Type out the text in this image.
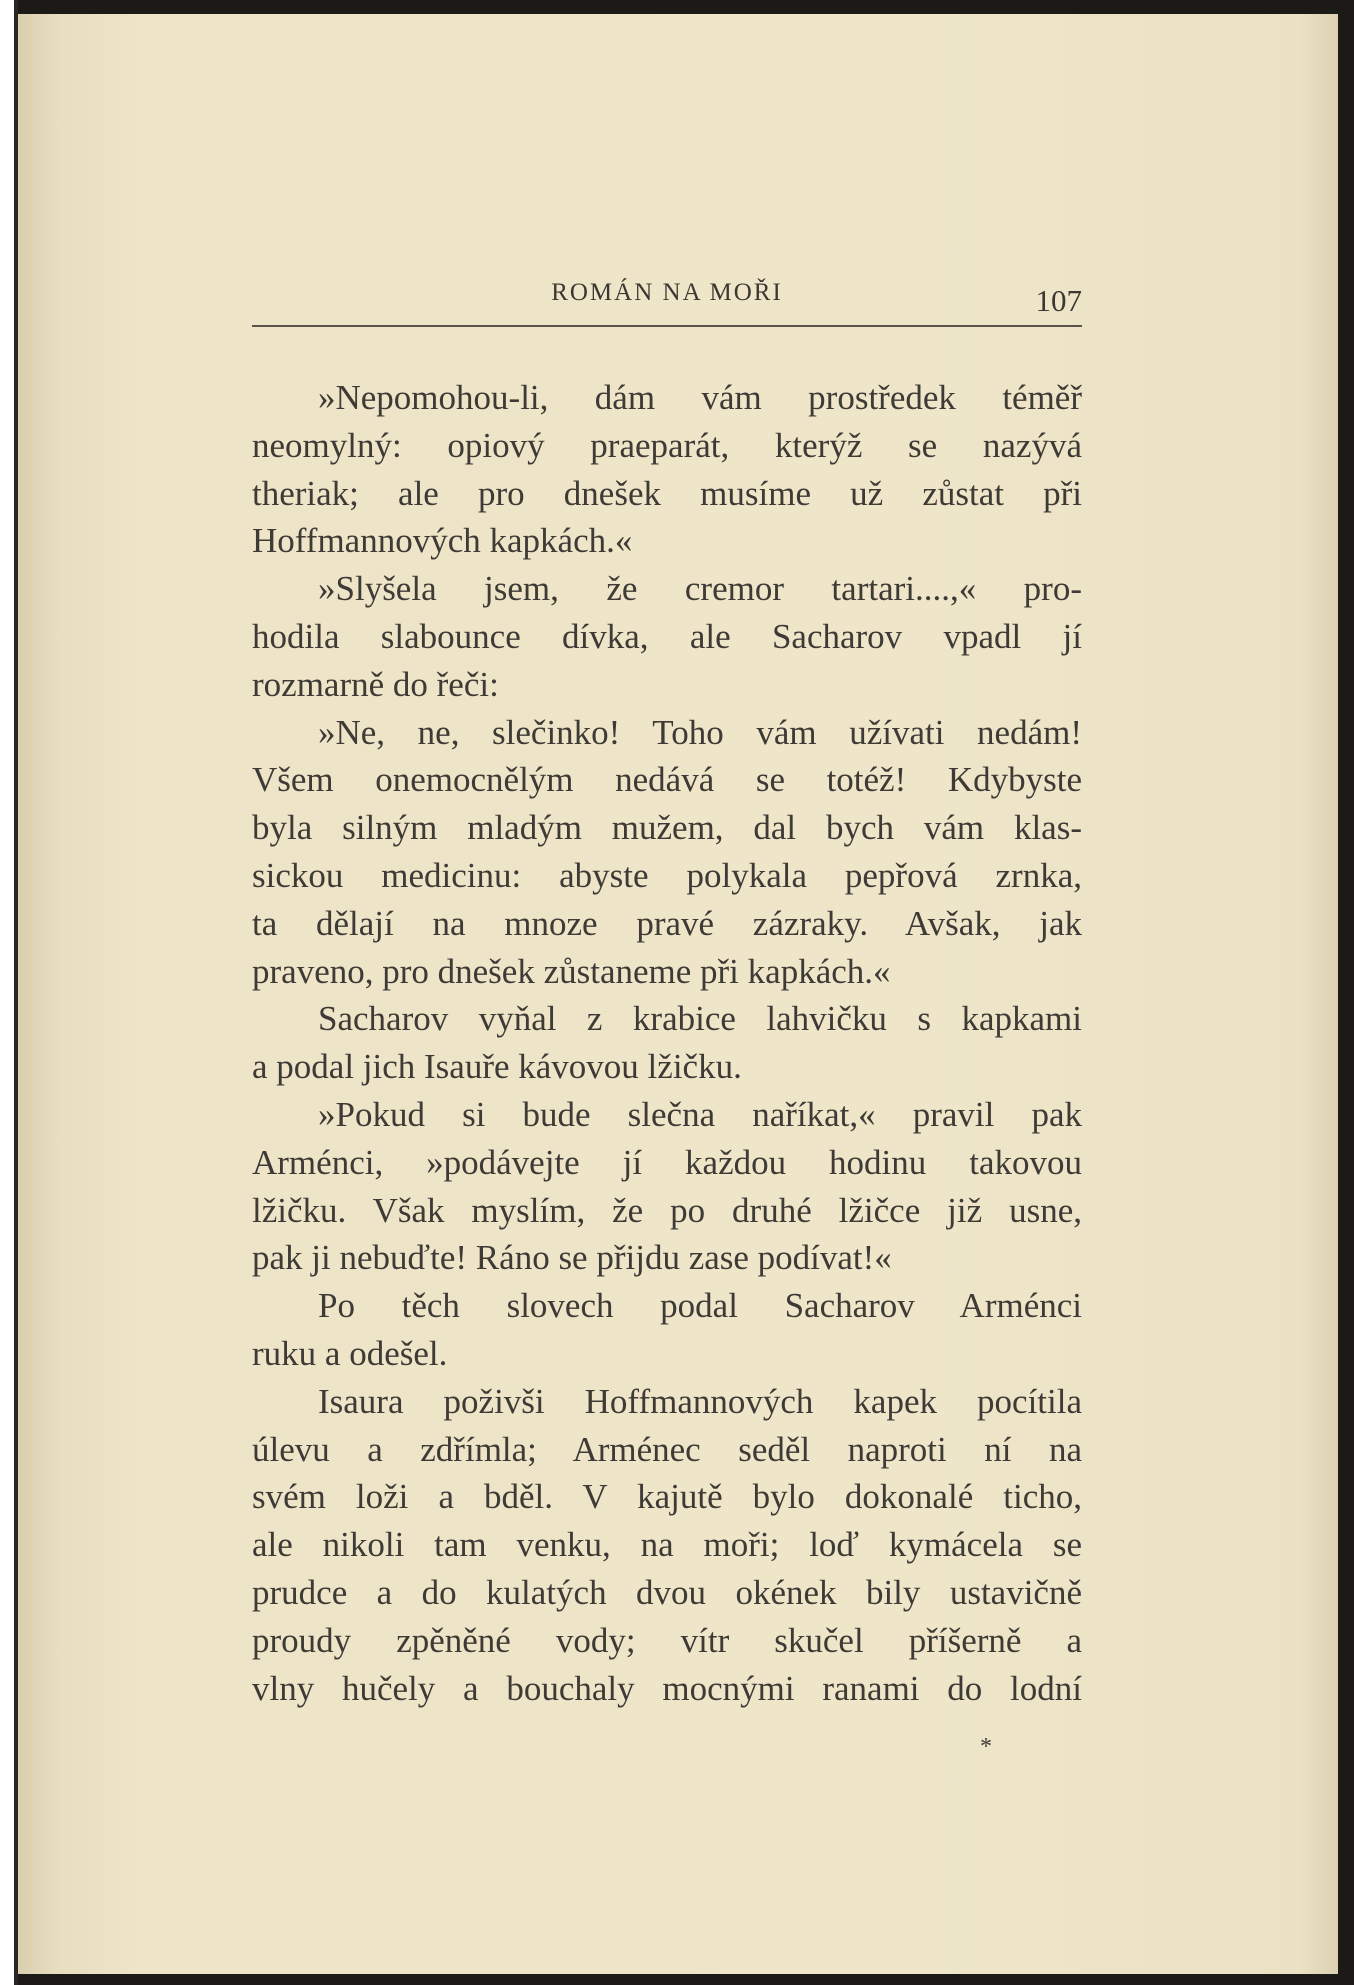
ROMÁN NA MOŘI	107
»Nepomohou-li, dám vám prostředek téměř
neomylný: opiový praeparát, kterýž se nazývá
theriak; ale pro dnešek musíme už zůstat při
Hoffmannových kapkách.«
»Slyšela jsem, že cremor tartari....,« pro-
hodila slabounce dívka, ale Sacharov vpadl jí
rozmarně do řeči:
»Ne, ne, slečinko! Toho vám užívati nedám!
Všem onemocnělým nedává se totéž! Kdybyste
byla silným mladým mužem, dal bych vám klas-
sickou medicinu: abyste polykala pepřová zrnka,
ta dělají na mnoze pravé zázraky. Avšak, jak
praveno, pro dnešek zůstaneme při kapkách.«
Sacharov vyňal z krabice lahvičku s kapkami
a podal jich Isauře kávovou lžičku.
»Pokud si bude slečna naříkat,« pravil pak
Arménci, »podávejte jí každou hodinu takovou
lžičku. Však myslím, že po druhé lžičce již usne,
pak ji nebuďte! Ráno se přijdu zase podívat!«
Po těch slovech podal Sacharov Arménci
ruku a odešel.
Isaura poživši Hoffmannových kapek pocítila
úlevu a zdřímla; Arménec seděl naproti ní na
svém loži a bděl. V kajutě bylo dokonalé ticho,
ale nikoli tam venku, na moři; loď kymácela se
prudce a do kulatých dvou okének bily ustavičně
proudy zpěněné vody; vítr skučel příšerně a
vlny hučely a bouchaly mocnými ranami do lodní
*
